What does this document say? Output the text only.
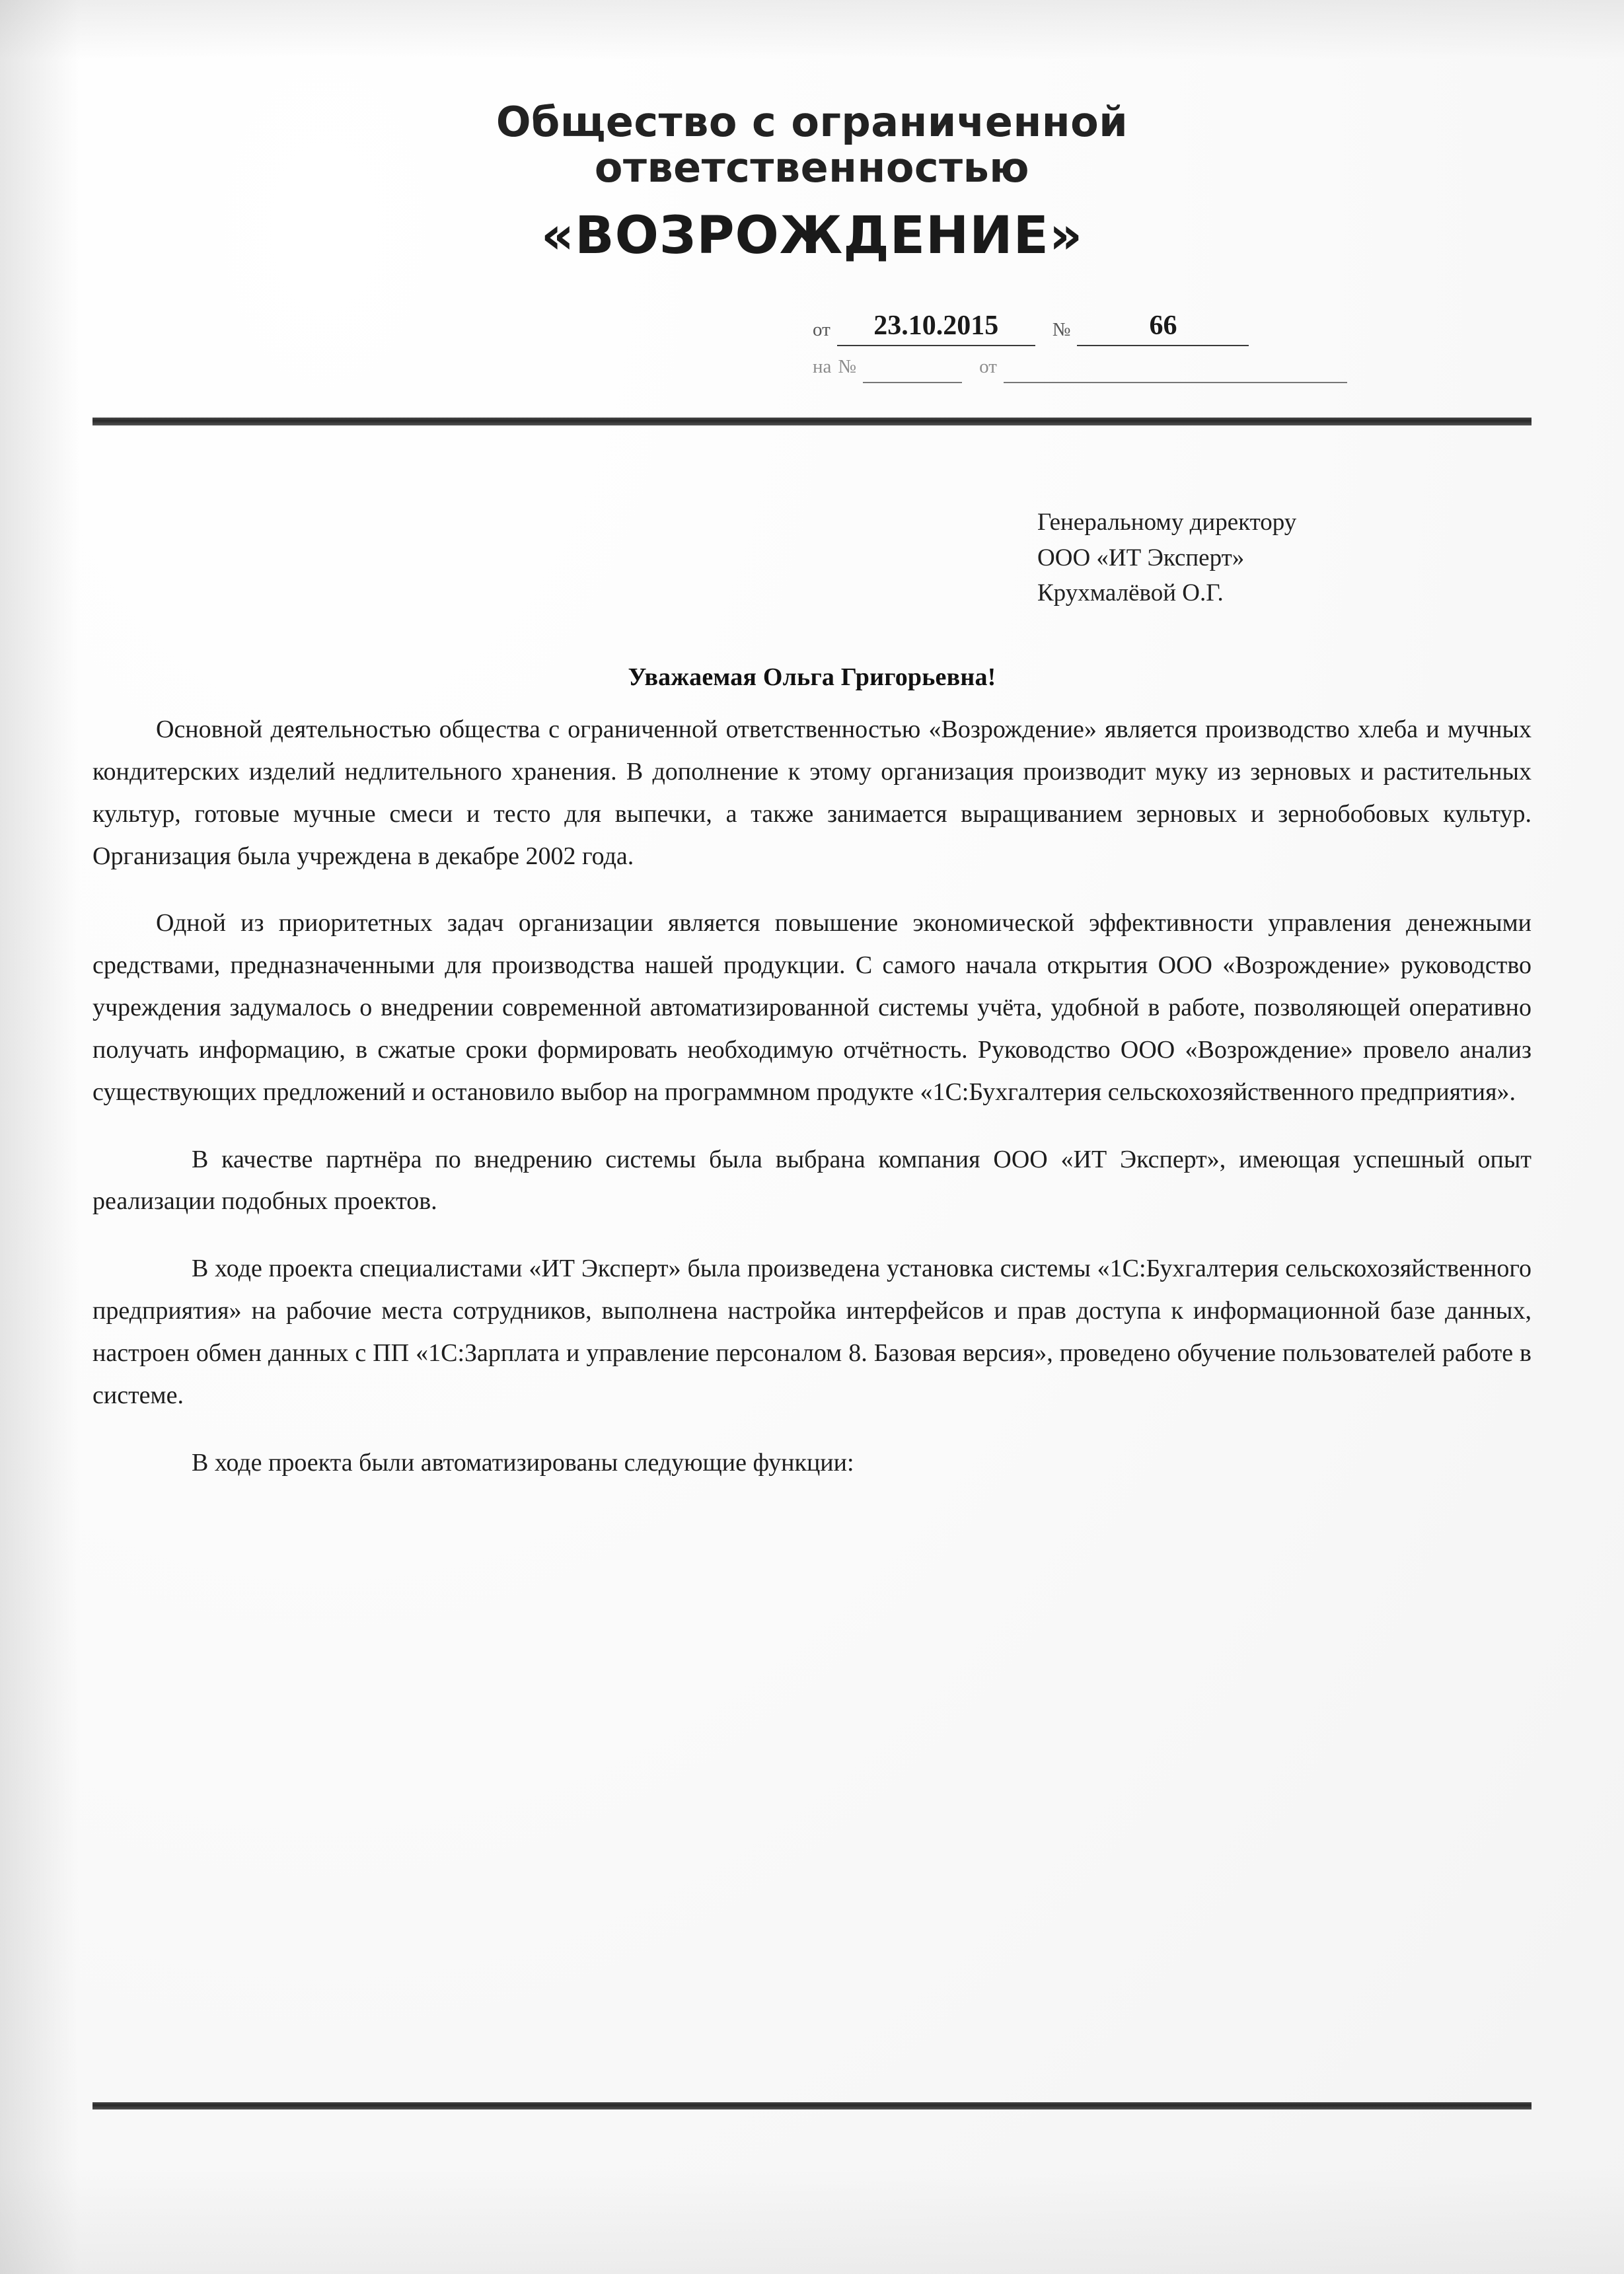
Общество с ограниченной
ответственностью
«ВОЗРОЖДЕНИЕ»
от	23.10.2015	№	66
на №	от
Генеральному директору
ООО «ИТ Эксперт»
Крухмалёвой О.Г.
Уважаемая Ольга Григорьевна!

Основной деятельностью общества с ограниченной ответственностью «Возрождение» является производство хлеба и мучных кондитерских изделий недлительного хранения. В дополнение к этому организация производит муку из зерновых и растительных культур, готовые мучные смеси и тесто для выпечки, а также занимается выращиванием зерновых и зернобобовых культур. Организация была учреждена в декабре 2002 года.

Одной из приоритетных задач организации является повышение экономической эффективности управления денежными средствами, предназначенными для производства нашей продукции. С самого начала открытия ООО «Возрождение» руководство учреждения задумалось о внедрении современной автоматизированной системы учёта, удобной в работе, позволяющей оперативно получать информацию, в сжатые сроки формировать необходимую отчётность. Руководство ООО «Возрождение» провело анализ существующих предложений и остановило выбор на программном продукте «1С:Бухгалтерия сельскохозяйственного предприятия».

В качестве партнёра по внедрению системы была выбрана компания ООО «ИТ Эксперт», имеющая успешный опыт реализации подобных проектов.

В ходе проекта специалистами «ИТ Эксперт» была произведена установка системы «1С:Бухгалтерия сельскохозяйственного предприятия» на рабочие места сотрудников, выполнена настройка интерфейсов и прав доступа к информационной базе данных, настроен обмен данных с ПП «1С:Зарплата и управление персоналом 8. Базовая версия», проведено обучение пользователей работе в системе.

В ходе проекта были автоматизированы следующие функции:
